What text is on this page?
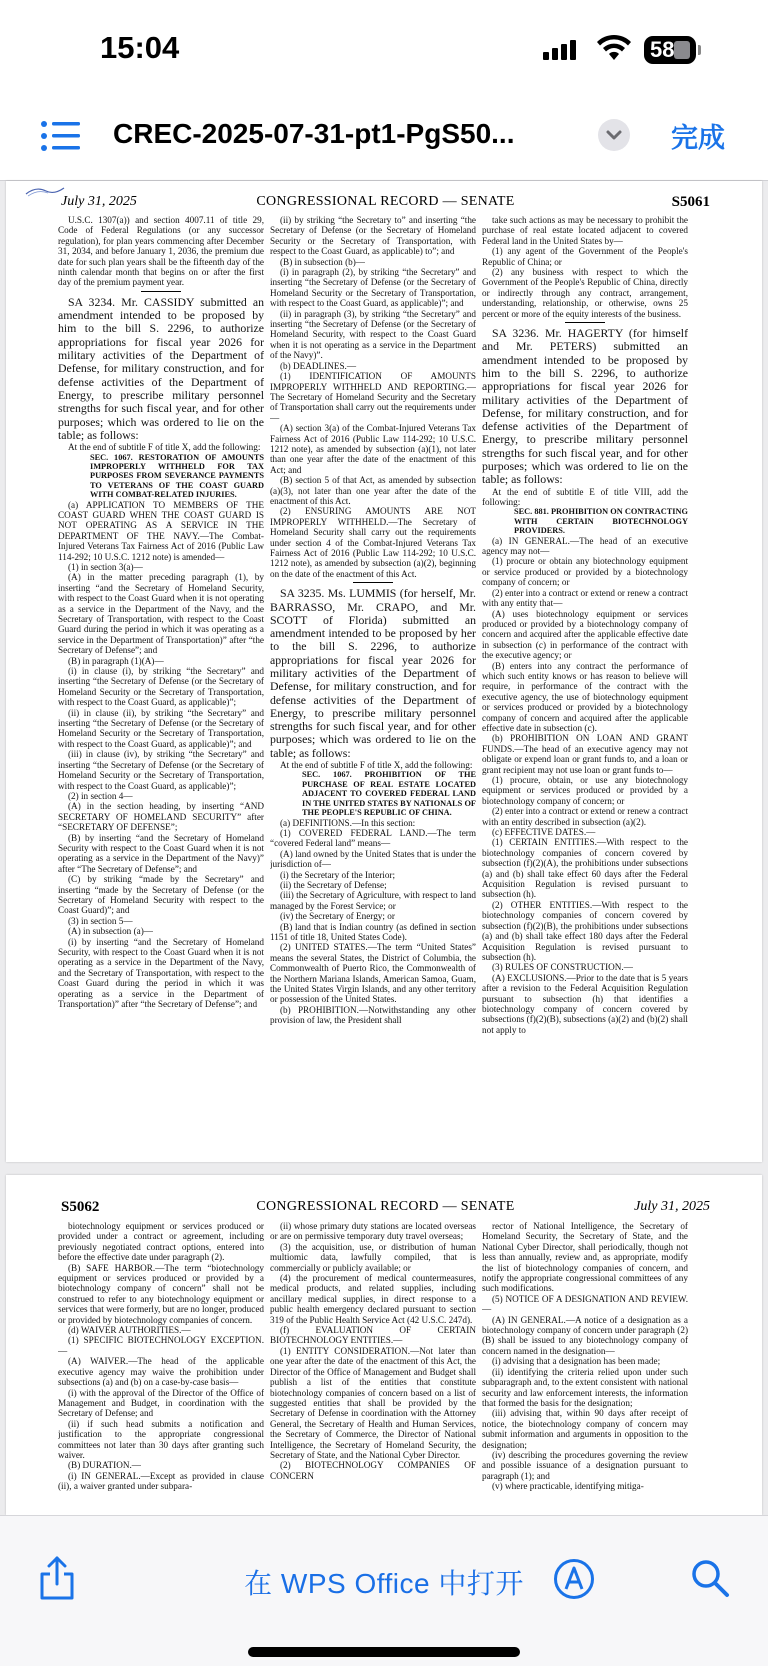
15:04	58
CREC-2025-07-31-pt1-PgS50...	完成
July 31, 2025	CONGRESSIONAL RECORD — SENATE	S5061

U.S.C. 1307(a)) and section 4007.11 of title 29, Code of Federal Regulations (or any successor regulation), for plan years commencing after December 31, 2034, and before January 1, 2036, the premium due date for such plan years shall be the fifteenth day of the ninth calendar month that begins on or after the first day of the premium payment year.

SA 3234. Mr. CASSIDY submitted an amendment intended to be proposed by him to the bill S. 2296, to authorize appropriations for fiscal year 2026 for military activities of the Department of Defense, for military construction, and for defense activities of the Department of Energy, to prescribe military personnel strengths for such fiscal year, and for other purposes; which was ordered to lie on the table; as follows:

At the end of subtitle F of title X, add the following:

SEC. 1067. RESTORATION OF AMOUNTS IMPROPERLY WITHHELD FOR TAX PURPOSES FROM SEVERANCE PAYMENTS TO VETERANS OF THE COAST GUARD WITH COMBAT-RELATED INJURIES.

(a) APPLICATION TO MEMBERS OF THE COAST GUARD WHEN THE COAST GUARD IS NOT OPERATING AS A SERVICE IN THE DEPARTMENT OF THE NAVY.—The Combat-Injured Veterans Tax Fairness Act of 2016 (Public Law 114-292; 10 U.S.C. 1212 note) is amended—

(1) in section 3(a)—

(A) in the matter preceding paragraph (1), by inserting “and the Secretary of Homeland Security, with respect to the Coast Guard when it is not operating as a service in the Department of the Navy, and the Secretary of Transportation, with respect to the Coast Guard during the period in which it was operating as a service in the Department of Transportation)” after “the Secretary of Defense”; and

(B) in paragraph (1)(A)—

(i) in clause (i), by striking “the Secretary” and inserting “the Secretary of Defense (or the Secretary of Homeland Security or the Secretary of Transportation, with respect to the Coast Guard, as applicable)”;

(ii) in clause (ii), by striking “the Secretary” and inserting “the Secretary of Defense (or the Secretary of Homeland Security or the Secretary of Transportation, with respect to the Coast Guard, as applicable)”; and

(iii) in clause (iv), by striking “the Secretary” and inserting “the Secretary of Defense (or the Secretary of Homeland Security or the Secretary of Transportation, with respect to the Coast Guard, as applicable)”;

(2) in section 4—

(A) in the section heading, by inserting “AND SECRETARY OF HOMELAND SECURITY” after “SECRETARY OF DEFENSE”;

(B) by inserting “and the Secretary of Homeland Security with respect to the Coast Guard when it is not operating as a service in the Department of the Navy)” after “The Secretary of Defense”; and

(C) by striking “made by the Secretary” and inserting “made by the Secretary of Defense (or the Secretary of Homeland Security with respect to the Coast Guard)”; and

(3) in section 5—

(A) in subsection (a)—

(i) by inserting “and the Secretary of Homeland Security, with respect to the Coast Guard when it is not operating as a service in the Department of the Navy, and the Secretary of Transportation, with respect to the Coast Guard during the period in which it was operating as a service in the Department of Transportation)” after “the Secretary of Defense”; and

(ii) by striking “the Secretary to” and inserting “the Secretary of Defense (or the Secretary of Homeland Security or the Secretary of Transportation, with respect to the Coast Guard, as applicable) to”; and

(B) in subsection (b)—

(i) in paragraph (2), by striking “the Secretary” and inserting “the Secretary of Defense (or the Secretary of Homeland Security or the Secretary of Transportation, with respect to the Coast Guard, as applicable)”; and

(ii) in paragraph (3), by striking “the Secretary” and inserting “the Secretary of Defense (or the Secretary of Homeland Security, with respect to the Coast Guard when it is not operating as a service in the Department of the Navy)”.

(b) DEADLINES.—

(1) IDENTIFICATION OF AMOUNTS IMPROPERLY WITHHELD AND REPORTING.—The Secretary of Homeland Security and the Secretary of Transportation shall carry out the requirements under—

(A) section 3(a) of the Combat-Injured Veterans Tax Fairness Act of 2016 (Public Law 114-292; 10 U.S.C. 1212 note), as amended by subsection (a)(1), not later than one year after the date of the enactment of this Act; and

(B) section 5 of that Act, as amended by subsection (a)(3), not later than one year after the date of the enactment of this Act.

(2) ENSURING AMOUNTS ARE NOT IMPROPERLY WITHHELD.—The Secretary of Homeland Security shall carry out the requirements under section 4 of the Combat-Injured Veterans Tax Fairness Act of 2016 (Public Law 114-292; 10 U.S.C. 1212 note), as amended by subsection (a)(2), beginning on the date of the enactment of this Act.

SA 3235. Ms. LUMMIS (for herself, Mr. BARRASSO, Mr. CRAPO, and Mr. SCOTT of Florida) submitted an amendment intended to be proposed by her to the bill S. 2296, to authorize appropriations for fiscal year 2026 for military activities of the Department of Defense, for military construction, and for defense activities of the Department of Energy, to prescribe military personnel strengths for such fiscal year, and for other purposes; which was ordered to lie on the table; as follows:

At the end of subtitle F of title X, add the following:

SEC. 1067. PROHIBITION OF THE PURCHASE OF REAL ESTATE LOCATED ADJACENT TO COVERED FEDERAL LAND IN THE UNITED STATES BY NATIONALS OF THE PEOPLE'S REPUBLIC OF CHINA.

(a) DEFINITIONS.—In this section:

(1) COVERED FEDERAL LAND.—The term “covered Federal land” means—

(A) land owned by the United States that is under the jurisdiction of—

(i) the Secretary of the Interior;

(ii) the Secretary of Defense;

(iii) the Secretary of Agriculture, with respect to land managed by the Forest Service; or

(iv) the Secretary of Energy; or

(B) land that is Indian country (as defined in section 1151 of title 18, United States Code).

(2) UNITED STATES.—The term “United States” means the several States, the District of Columbia, the Commonwealth of Puerto Rico, the Commonwealth of the Northern Mariana Islands, American Samoa, Guam, the United States Virgin Islands, and any other territory or possession of the United States.

(b) PROHIBITION.—Notwithstanding any other provision of law, the President shall

take such actions as may be necessary to prohibit the purchase of real estate located adjacent to covered Federal land in the United States by—

(1) any agent of the Government of the People's Republic of China; or

(2) any business with respect to which the Government of the People's Republic of China, directly or indirectly through any contract, arrangement, understanding, relationship, or otherwise, owns 25 percent or more of the equity interests of the business.

SA 3236. Mr. HAGERTY (for himself and Mr. PETERS) submitted an amendment intended to be proposed by him to the bill S. 2296, to authorize appropriations for fiscal year 2026 for military activities of the Department of Defense, for military construction, and for defense activities of the Department of Energy, to prescribe military personnel strengths for such fiscal year, and for other purposes; which was ordered to lie on the table; as follows:

At the end of subtitle E of title VIII, add the following:

SEC. 881. PROHIBITION ON CONTRACTING WITH CERTAIN BIOTECHNOLOGY PROVIDERS.

(a) IN GENERAL.—The head of an executive agency may not—

(1) procure or obtain any biotechnology equipment or service produced or provided by a biotechnology company of concern; or

(2) enter into a contract or extend or renew a contract with any entity that—

(A) uses biotechnology equipment or services produced or provided by a biotechnology company of concern and acquired after the applicable effective date in subsection (c) in performance of the contract with the executive agency; or

(B) enters into any contract the performance of which such entity knows or has reason to believe will require, in performance of the contract with the executive agency, the use of biotechnology equipment or services produced or provided by a biotechnology company of concern and acquired after the applicable effective date in subsection (c).

(b) PROHIBITION ON LOAN AND GRANT FUNDS.—The head of an executive agency may not obligate or expend loan or grant funds to, and a loan or grant recipient may not use loan or grant funds to—

(1) procure, obtain, or use any biotechnology equipment or services produced or provided by a biotechnology company of concern; or

(2) enter into a contract or extend or renew a contract with an entity described in subsection (a)(2).

(c) EFFECTIVE DATES.—

(1) CERTAIN ENTITIES.—With respect to the biotechnology companies of concern covered by subsection (f)(2)(A), the prohibitions under subsections (a) and (b) shall take effect 60 days after the Federal Acquisition Regulation is revised pursuant to subsection (h).

(2) OTHER ENTITIES.—With respect to the biotechnology companies of concern covered by subsection (f)(2)(B), the prohibitions under subsections (a) and (b) shall take effect 180 days after the Federal Acquisition Regulation is revised pursuant to subsection (h).

(3) RULES OF CONSTRUCTION.—

(A) EXCLUSIONS.—Prior to the date that is 5 years after a revision to the Federal Acquisition Regulation pursuant to subsection (h) that identifies a biotechnology company of concern covered by subsections (f)(2)(B), subsections (a)(2) and (b)(2) shall not apply to

S5062	CONGRESSIONAL RECORD — SENATE	July 31, 2025

biotechnology equipment or services produced or provided under a contract or agreement, including previously negotiated contract options, entered into before the effective date under paragraph (2).

(B) SAFE HARBOR.—The term “biotechnology equipment or services produced or provided by a biotechnology company of concern” shall not be construed to refer to any biotechnology equipment or services that were formerly, but are no longer, produced or provided by biotechnology companies of concern.

(d) WAIVER AUTHORITIES.—

(1) SPECIFIC BIOTECHNOLOGY EXCEPTION.—

(A) WAIVER.—The head of the applicable executive agency may waive the prohibition under subsections (a) and (b) on a case-by-case basis—

(i) with the approval of the Director of the Office of Management and Budget, in coordination with the Secretary of Defense; and

(ii) if such head submits a notification and justification to the appropriate congressional committees not later than 30 days after granting such waiver.

(B) DURATION.—

(i) IN GENERAL.—Except as provided in clause (ii), a waiver granted under subpara-

(ii) whose primary duty stations are located overseas or are on permissive temporary duty travel overseas;

(3) the acquisition, use, or distribution of human multiomic data, lawfully compiled, that is commercially or publicly available; or

(4) the procurement of medical countermeasures, medical products, and related supplies, including ancillary medical supplies, in direct response to a public health emergency declared pursuant to section 319 of the Public Health Service Act (42 U.S.C. 247d).

(f) EVALUATION OF CERTAIN BIOTECHNOLOGY ENTITIES.—

(1) ENTITY CONSIDERATION.—Not later than one year after the date of the enactment of this Act, the Director of the Office of Management and Budget shall publish a list of the entities that constitute biotechnology companies of concern based on a list of suggested entities that shall be provided by the Secretary of Defense in coordination with the Attorney General, the Secretary of Health and Human Services, the Secretary of Commerce, the Director of National Intelligence, the Secretary of Homeland Security, the Secretary of State, and the National Cyber Director.

(2) BIOTECHNOLOGY COMPANIES OF CONCERN

rector of National Intelligence, the Secretary of Homeland Security, the Secretary of State, and the National Cyber Director, shall periodically, though not less than annually, review and, as appropriate, modify the list of biotechnology companies of concern, and notify the appropriate congressional committees of any such modifications.

(5) NOTICE OF A DESIGNATION AND REVIEW.—

(A) IN GENERAL.—A notice of a designation as a biotechnology company of concern under paragraph (2)(B) shall be issued to any biotechnology company of concern named in the designation—

(i) advising that a designation has been made;

(ii) identifying the criteria relied upon under such subparagraph and, to the extent consistent with national security and law enforcement interests, the information that formed the basis for the designation;

(iii) advising that, within 90 days after receipt of notice, the biotechnology company of concern may submit information and arguments in opposition to the designation;

(iv) describing the procedures governing the review and possible issuance of a designation pursuant to paragraph (1); and

(v) where practicable, identifying mitiga-

在 WPS Office 中打开
